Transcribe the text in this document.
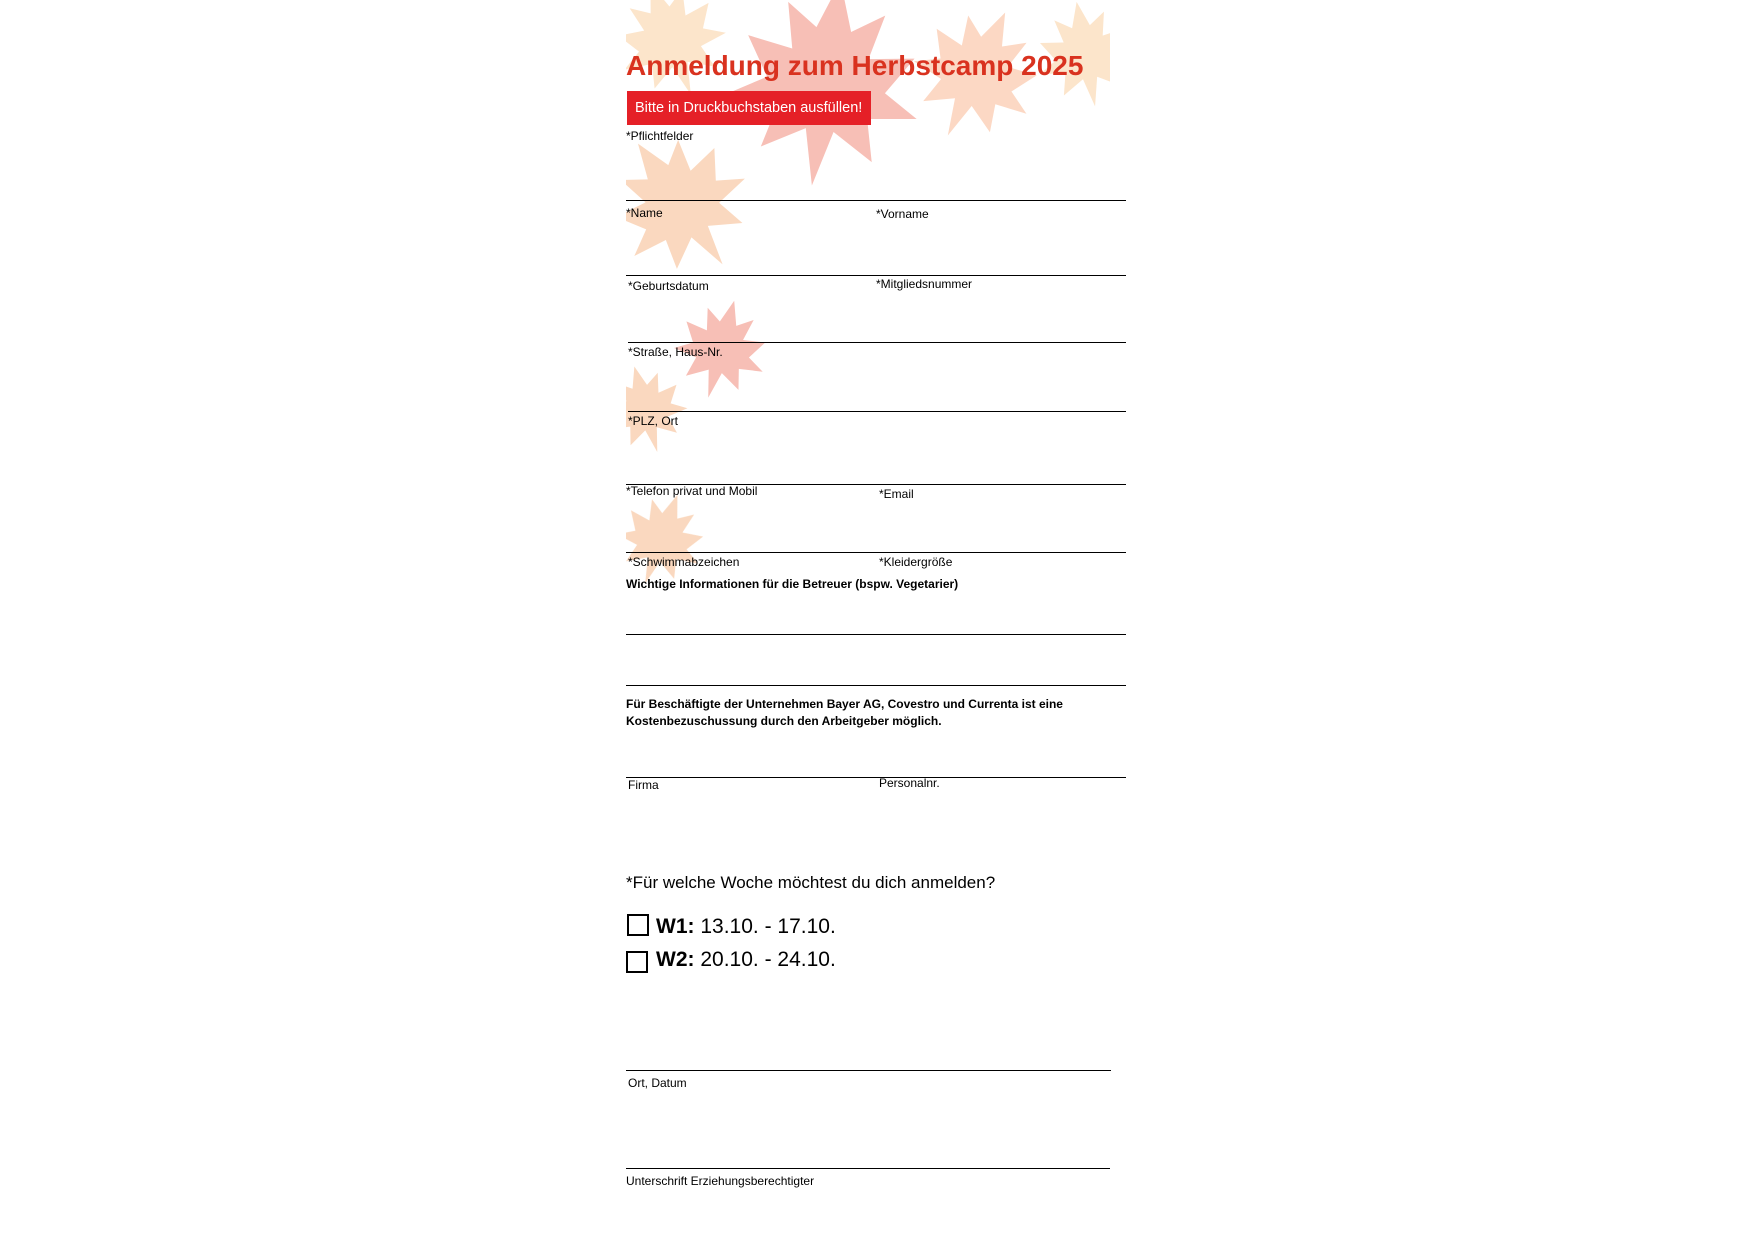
Anmeldung zum Herbstcamp 2025
Bitte in Druckbuchstaben ausfüllen!
*Pflichtfelder
*Name	*Vorname
*Geburtsdatum	*Mitgliedsnummer
*Straße, Haus-Nr.
*PLZ, Ort
*Telefon privat und Mobil	*Email
*Schwimmabzeichen	*Kleidergröße
Wichtige Informationen für die Betreuer (bspw. Vegetarier)
Für Beschäftigte der Unternehmen Bayer AG, Covestro und Currenta ist eine Kostenbezuschussung durch den Arbeitgeber möglich.
Firma	Personalnr.
*Für welche Woche möchtest du dich anmelden?
W1: 13.10. - 17.10.
W2: 20.10. - 24.10.
Ort, Datum
Unterschrift Erziehungsberechtigter
